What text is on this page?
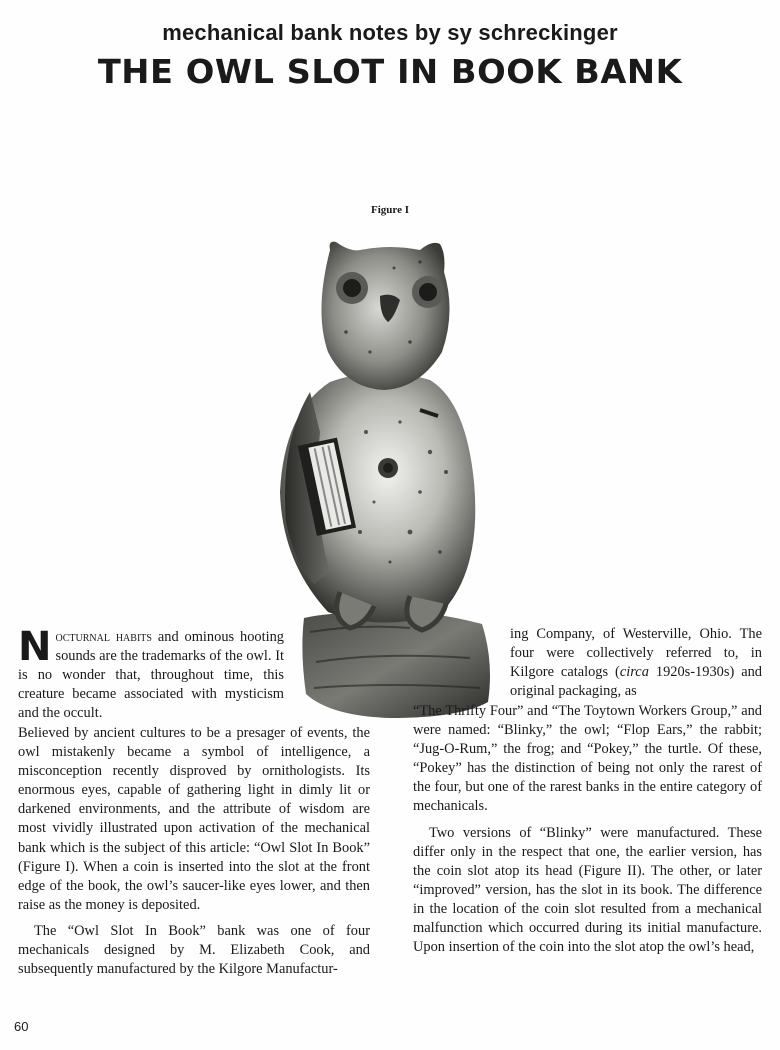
mechanical bank notes by sy schreckinger
THE OWL SLOT IN BOOK BANK
Figure I
Nocturnal habits and ominous hooting sounds are the trademarks of the owl. It is no wonder that, throughout time, this creature became associated with mysticism and the occult.

Believed by ancient cultures to be a presager of events, the owl mistakenly became a symbol of intelligence, a misconception recently disproved by ornithologists. Its enormous eyes, capable of gathering light in dimly lit or darkened environments, and the attribute of wisdom are most vividly illustrated upon activation of the mechanical bank which is the subject of this article: “Owl Slot In Book” (Figure I). When a coin is inserted into the slot at the front edge of the book, the owl’s saucer-like eyes lower, and then raise as the money is deposited.

The “Owl Slot In Book” bank was one of four mechanicals designed by M. Elizabeth Cook, and subsequently manufactured by the Kilgore Manufactur-

ing Company, of Westerville, Ohio. The four were collectively referred to, in Kilgore catalogs (circa 1920s-1930s) and original packaging, as

“The Thrifty Four” and “The Toytown Workers Group,” and were named: “Blinky,” the owl; “Flop Ears,” the rabbit; “Jug-O-Rum,” the frog; and “Pokey,” the turtle. Of these, “Pokey” has the distinction of being not only the rarest of the four, but one of the rarest banks in the entire category of mechanicals.

Two versions of “Blinky” were manufactured. These differ only in the respect that one, the earlier version, has the coin slot atop its head (Figure II). The other, or later “improved” version, has the slot in its book. The difference in the location of the coin slot resulted from a mechanical malfunction which occurred during its initial manufacture. Upon insertion of the coin into the slot atop the owl’s head,

60
